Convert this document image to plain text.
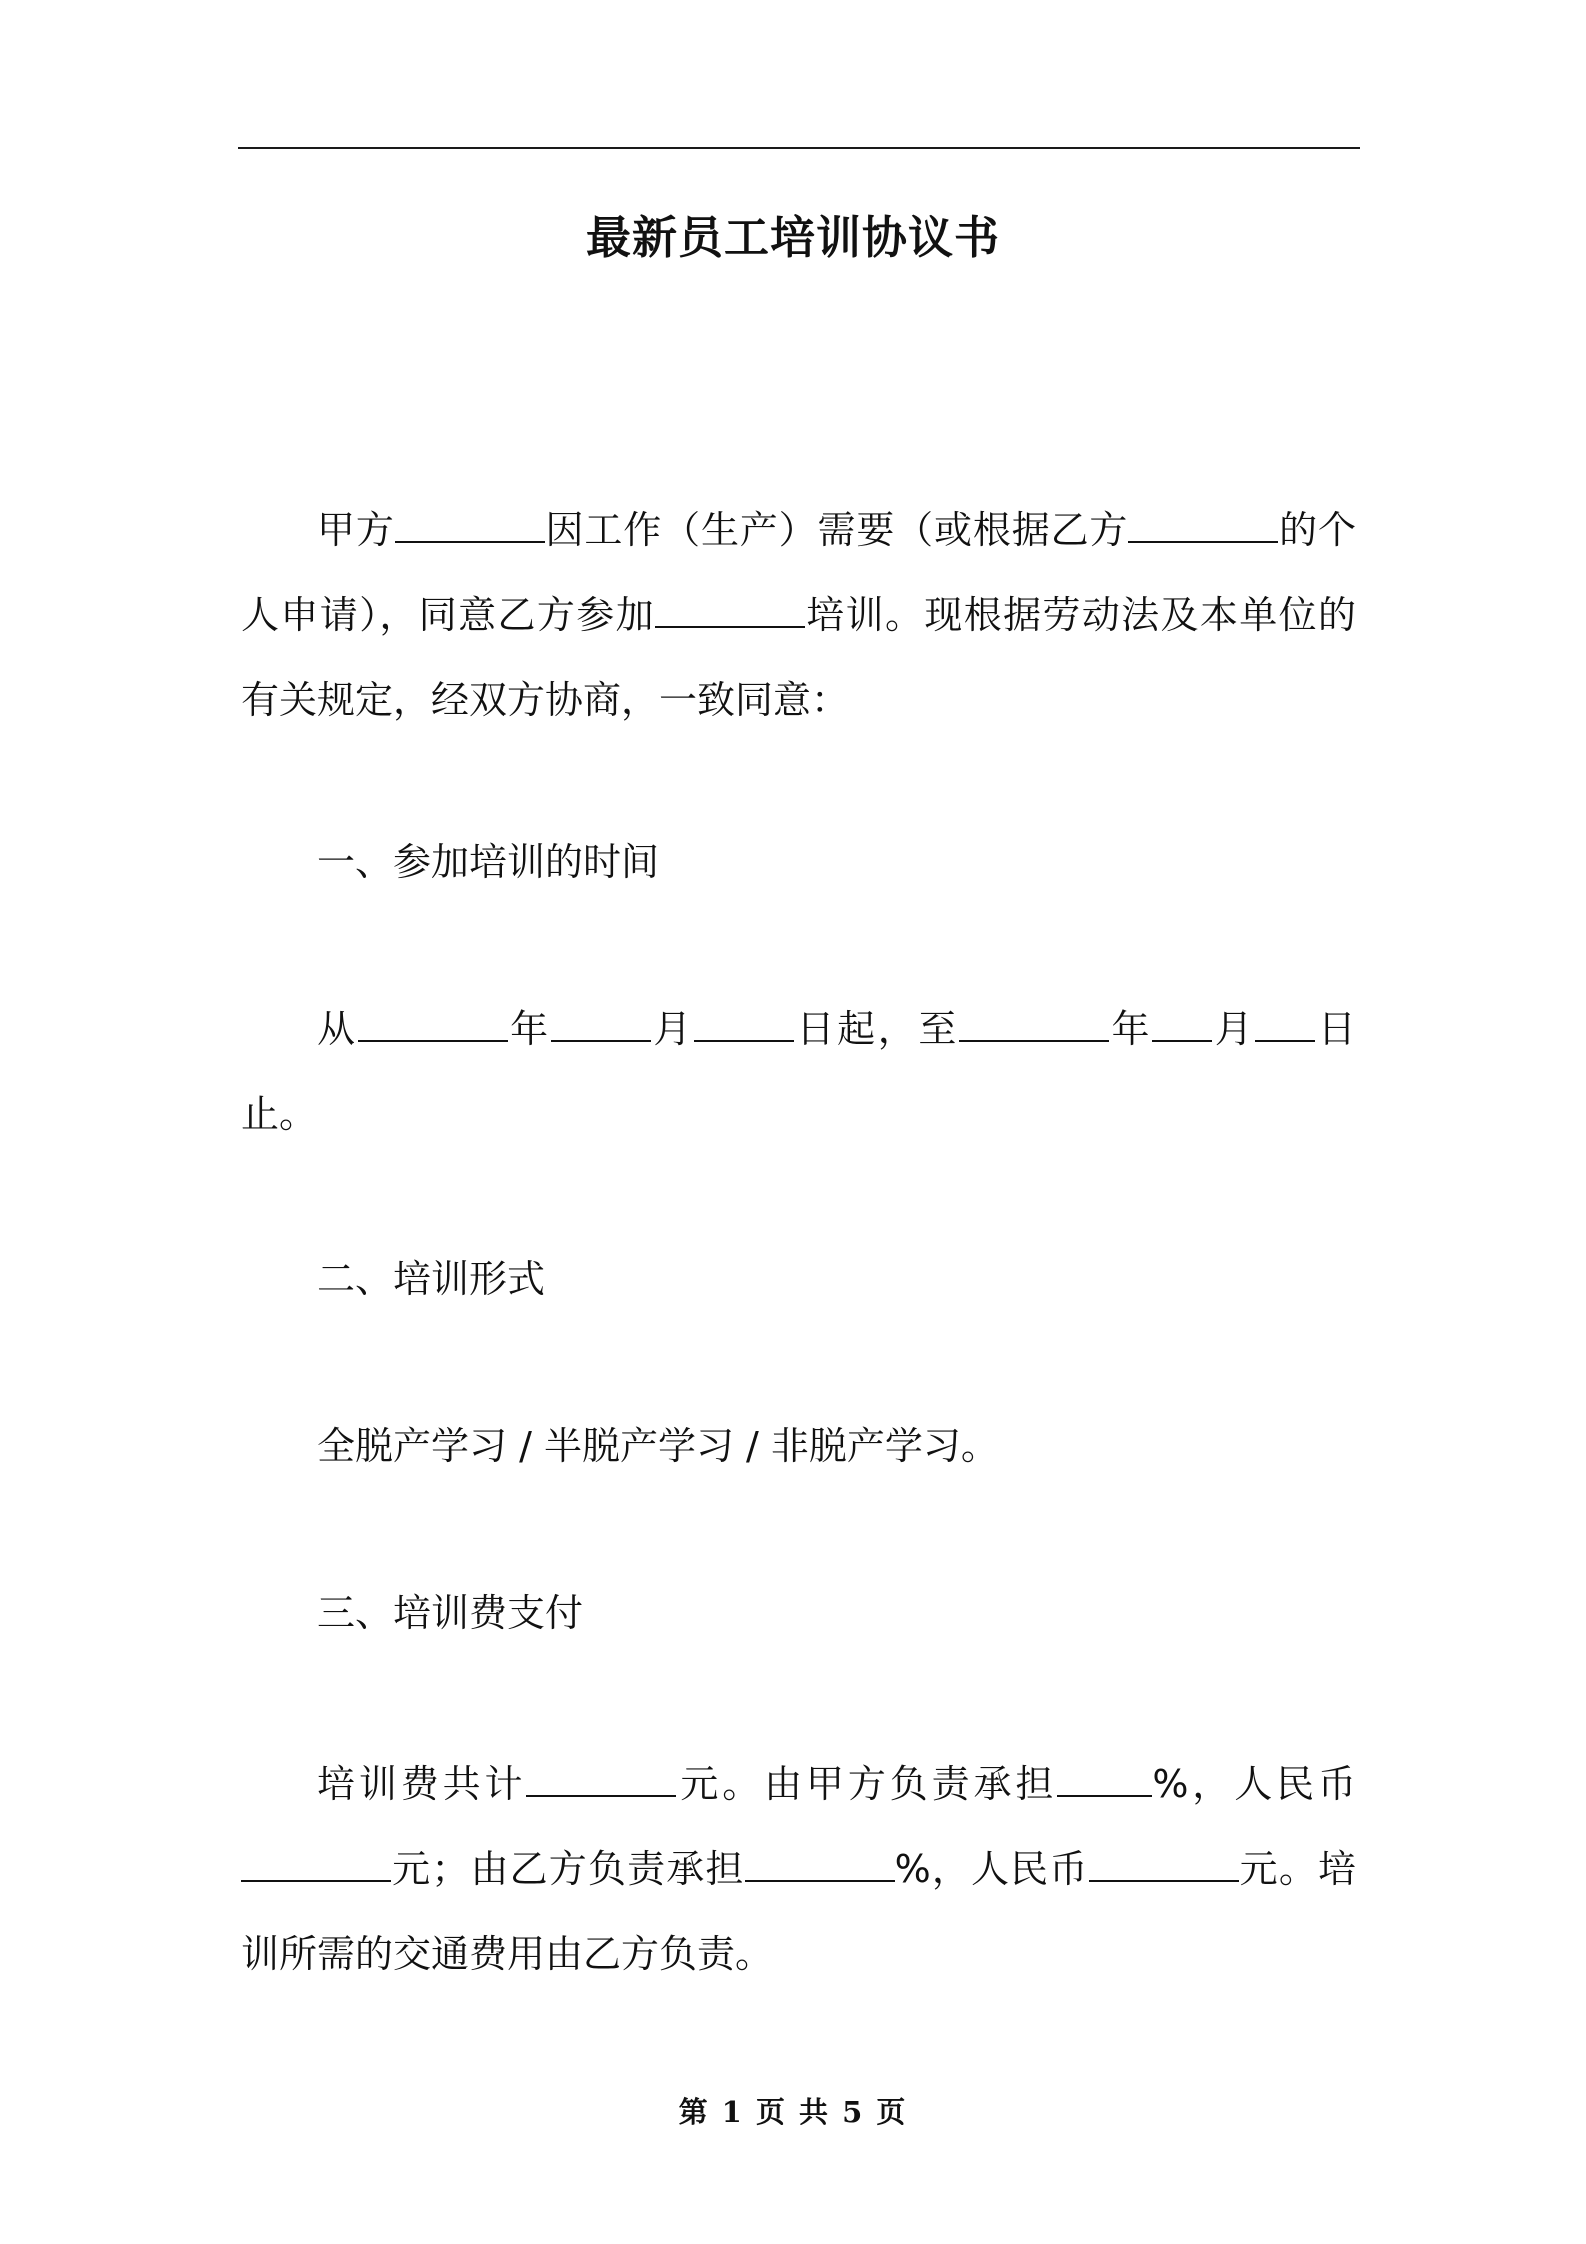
最新员工培训协议书

甲方	因工作（生产）需要（或根据乙方	的个人申请），同意乙方参加	培训。现根据劳动法及本单位的有关规定，经双方协商，一致同意：

一、参加培训的时间

从	年	月	日起，至	年 月 日止。

二、培训形式

全脱产学习 / 半脱产学习 / 非脱产学习。

三、培训费支付

培训费共计	元。由甲方负责承担	%，人民币元；由乙方负责承担	%，人民币	元。培训所需的交通费用由乙方负责。

第 1 页 共 5 页
